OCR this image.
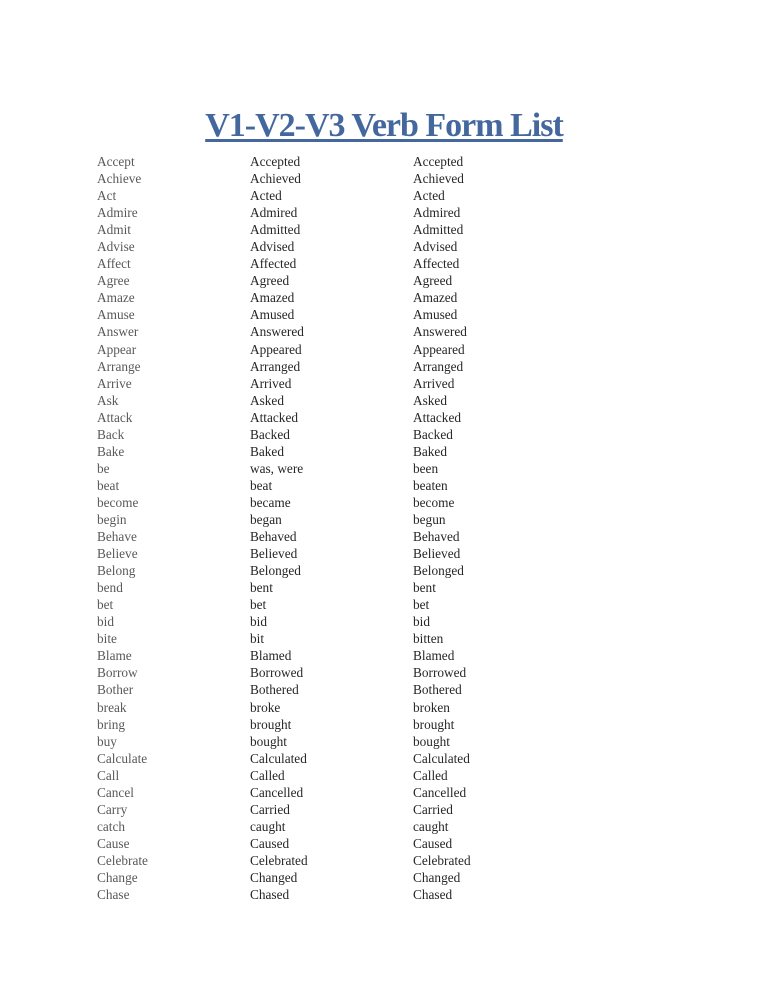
V1-V2-V3 Verb Form List
Accept	Accepted	Accepted
Achieve	Achieved	Achieved
Act	Acted	Acted
Admire	Admired	Admired
Admit	Admitted	Admitted
Advise	Advised	Advised
Affect	Affected	Affected
Agree	Agreed	Agreed
Amaze	Amazed	Amazed
Amuse	Amused	Amused
Answer	Answered	Answered
Appear	Appeared	Appeared
Arrange	Arranged	Arranged
Arrive	Arrived	Arrived
Ask	Asked	Asked
Attack	Attacked	Attacked
Back	Backed	Backed
Bake	Baked	Baked
be	was, were	been
beat	beat	beaten
become	became	become
begin	began	begun
Behave	Behaved	Behaved
Believe	Believed	Believed
Belong	Belonged	Belonged
bend	bent	bent
bet	bet	bet
bid	bid	bid
bite	bit	bitten
Blame	Blamed	Blamed
Borrow	Borrowed	Borrowed
Bother	Bothered	Bothered
break	broke	broken
bring	brought	brought
buy	bought	bought
Calculate	Calculated	Calculated
Call	Called	Called
Cancel	Cancelled	Cancelled
Carry	Carried	Carried
catch	caught	caught
Cause	Caused	Caused
Celebrate	Celebrated	Celebrated
Change	Changed	Changed
Chase	Chased	Chased
